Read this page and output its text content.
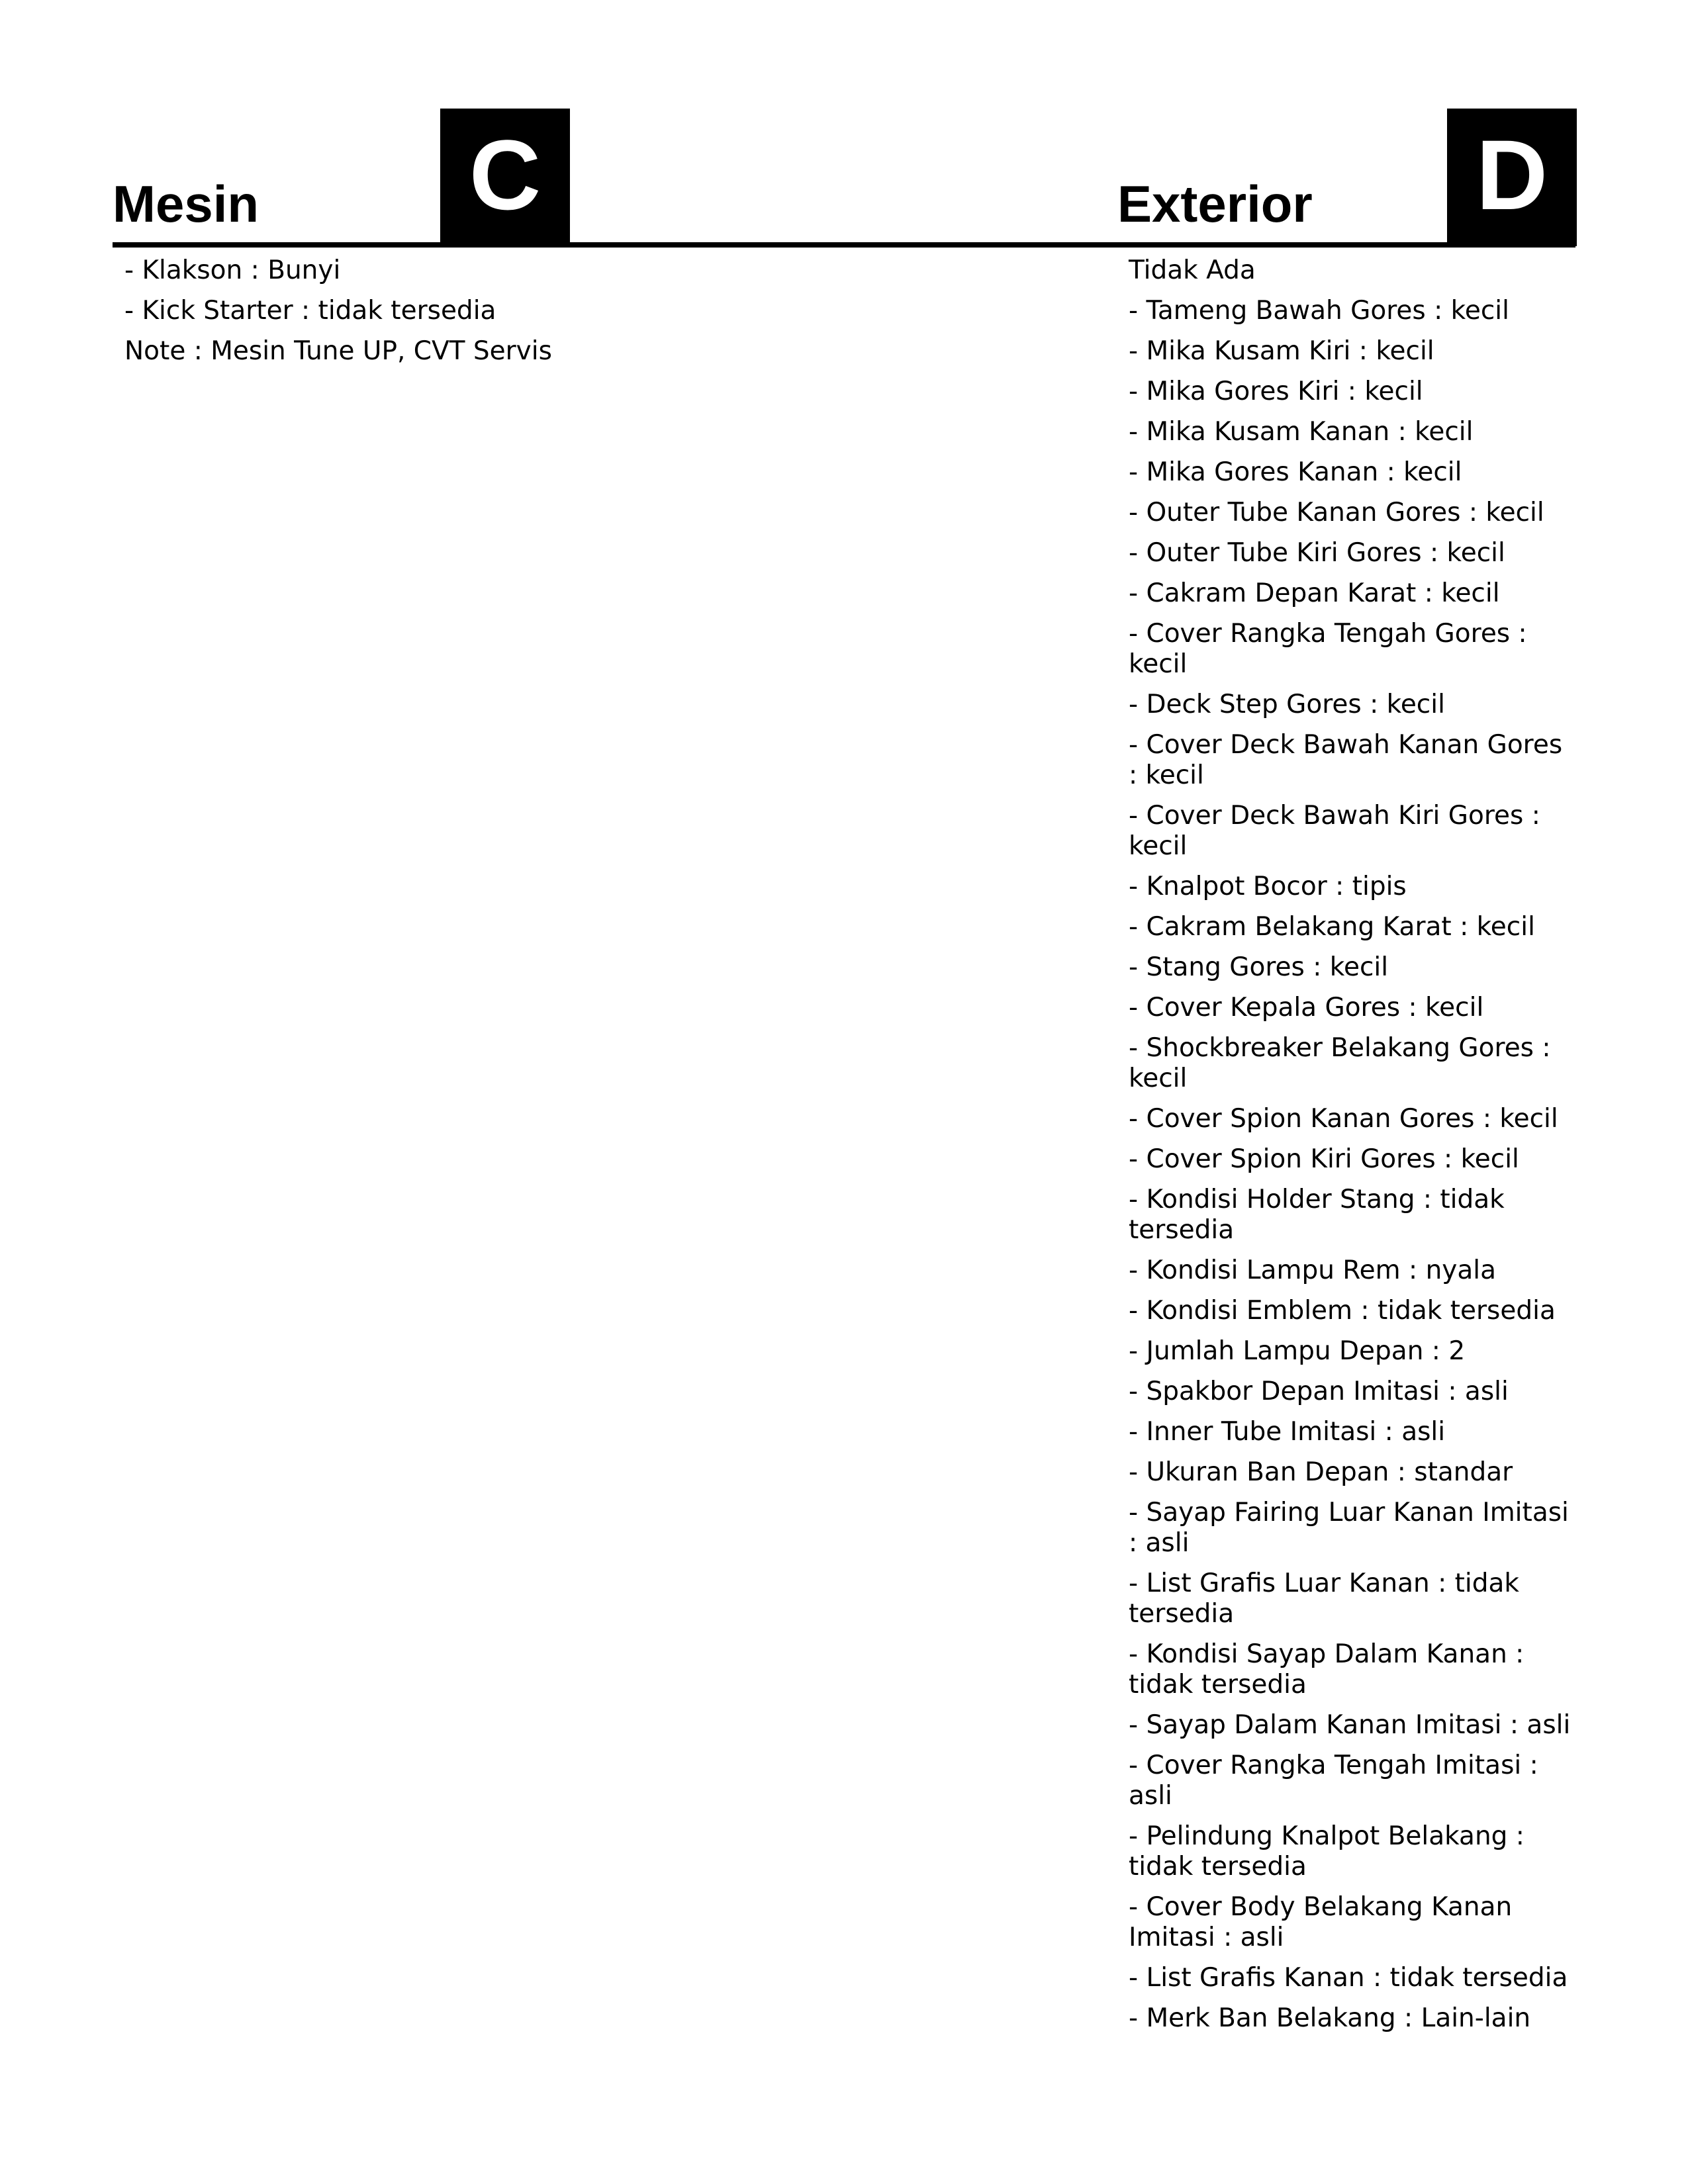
Mesin C	Exterior D
- Klakson : Bunyi
- Kick Starter : tidak tersedia
Note : Mesin Tune UP, CVT Servis
Tidak Ada
- Tameng Bawah Gores : kecil
- Mika Kusam Kiri : kecil
- Mika Gores Kiri : kecil
- Mika Kusam Kanan : kecil
- Mika Gores Kanan : kecil
- Outer Tube Kanan Gores : kecil
- Outer Tube Kiri Gores : kecil
- Cakram Depan Karat : kecil
- Cover Rangka Tengah Gores : kecil
- Deck Step Gores : kecil
- Cover Deck Bawah Kanan Gores : kecil
- Cover Deck Bawah Kiri Gores : kecil
- Knalpot Bocor : tipis
- Cakram Belakang Karat : kecil
- Stang Gores : kecil
- Cover Kepala Gores : kecil
- Shockbreaker Belakang Gores : kecil
- Cover Spion Kanan Gores : kecil
- Cover Spion Kiri Gores : kecil
- Kondisi Holder Stang : tidak tersedia
- Kondisi Lampu Rem : nyala
- Kondisi Emblem : tidak tersedia
- Jumlah Lampu Depan : 2
- Spakbor Depan Imitasi : asli
- Inner Tube Imitasi : asli
- Ukuran Ban Depan : standar
- Sayap Fairing Luar Kanan Imitasi : asli
- List Grafis Luar Kanan : tidak tersedia
- Kondisi Sayap Dalam Kanan : tidak tersedia
- Sayap Dalam Kanan Imitasi : asli
- Cover Rangka Tengah Imitasi : asli
- Pelindung Knalpot Belakang : tidak tersedia
- Cover Body Belakang Kanan Imitasi : asli
- List Grafis Kanan : tidak tersedia
- Merk Ban Belakang : Lain-lain
